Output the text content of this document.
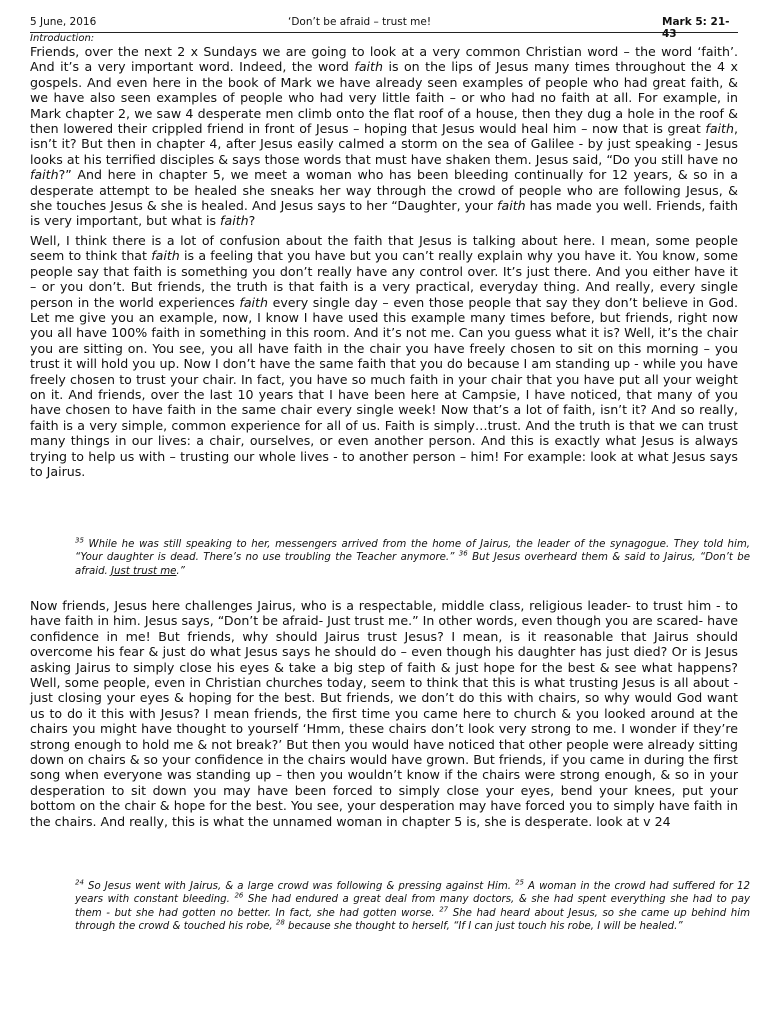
5 June, 2016	‘Don’t be afraid – trust me!	Mark 5: 21-43
Introduction:

Friends, over the next 2 x Sundays we are going to look at a very common Christian word – the word ‘faith’. And it’s a very important word. Indeed, the word faith is on the lips of Jesus many times throughout the 4 x gospels. And even here in the book of Mark we have already seen examples of people who had great faith, & we have also seen examples of people who had very little faith – or who had no faith at all. For example, in Mark chapter 2, we saw 4 desperate men climb onto the flat roof of a house, then they dug a hole in the roof & then lowered their crippled friend in front of Jesus – hoping that Jesus would heal him – now that is great faith, isn’t it? But then in chapter 4, after Jesus easily calmed a storm on the sea of Galilee - by just speaking - Jesus looks at his terrified disciples & says those words that must have shaken them. Jesus said, “Do you still have no faith?” And here in chapter 5, we meet a woman who has been bleeding continually for 12 years, & so in a desperate attempt to be healed she sneaks her way through the crowd of people who are following Jesus, & she touches Jesus & she is healed. And Jesus says to her “Daughter, your faith has made you well. Friends, faith is very important, but what is faith?

Well, I think there is a lot of confusion about the faith that Jesus is talking about here. I mean, some people seem to think that faith is a feeling that you have but you can’t really explain why you have it. You know, some people say that faith is something you don’t really have any control over. It’s just there. And you either have it – or you don’t. But friends, the truth is that faith is a very practical, everyday thing. And really, every single person in the world experiences faith every single day – even those people that say they don’t believe in God. Let me give you an example, now, I know I have used this example many times before, but friends, right now you all have 100% faith in something in this room. And it’s not me. Can you guess what it is? Well, it’s the chair you are sitting on. You see, you all have faith in the chair you have freely chosen to sit on this morning – you trust it will hold you up. Now I don’t have the same faith that you do because I am standing up - while you have freely chosen to trust your chair. In fact, you have so much faith in your chair that you have put all your weight on it. And friends, over the last 10 years that I have been here at Campsie, I have noticed, that many of you have chosen to have faith in the same chair every single week! Now that’s a lot of faith, isn’t it? And so really, faith is a very simple, common experience for all of us. Faith is simply…trust. And the truth is that we can trust many things in our lives: a chair, ourselves, or even another person. And this is exactly what Jesus is always trying to help us with – trusting our whole lives - to another person – him! For example: look at what Jesus says to Jairus.

$^{35}$ While he was still speaking to her, messengers arrived from the home of Jairus, the leader of the synagogue. They told him, “Your daughter is dead. There’s no use troubling the Teacher anymore.” $^{36}$ But Jesus overheard them & said to Jairus, “Don’t be afraid. Just trust me.”

Now friends, Jesus here challenges Jairus, who is a respectable, middle class, religious leader- to trust him - to have faith in him. Jesus says, “Don’t be afraid- Just trust me.” In other words, even though you are scared- have confidence in me! But friends, why should Jairus trust Jesus? I mean, is it reasonable that Jairus should overcome his fear & just do what Jesus says he should do – even though his daughter has just died? Or is Jesus asking Jairus to simply close his eyes & take a big step of faith & just hope for the best & see what happens? Well, some people, even in Christian churches today, seem to think that this is what trusting Jesus is all about - just closing your eyes & hoping for the best. But friends, we don’t do this with chairs, so why would God want us to do it this with Jesus? I mean friends, the first time you came here to church & you looked around at the chairs you might have thought to yourself ‘Hmm, these chairs don’t look very strong to me. I wonder if they’re strong enough to hold me & not break?’ But then you would have noticed that other people were already sitting down on chairs & so your confidence in the chairs would have grown. But friends, if you came in during the first song when everyone was standing up – then you wouldn’t know if the chairs were strong enough, & so in your desperation to sit down you may have been forced to simply close your eyes, bend your knees, put your bottom on the chair & hope for the best. You see, your desperation may have forced you to simply have faith in the chairs. And really, this is what the unnamed woman in chapter 5 is, she is desperate. look at v 24

$^{24}$ So Jesus went with Jairus, & a large crowd was following & pressing against Him. $^{25}$ A woman in the crowd had suffered for 12 years with constant bleeding. $^{26}$ She had endured a great deal from many doctors, & she had spent everything she had to pay them - but she had gotten no better. In fact, she had gotten worse. $^{27}$ She had heard about Jesus, so she came up behind him through the crowd & touched his robe, $^{28}$ because she thought to herself, “If I can just touch his robe, I will be healed.”
